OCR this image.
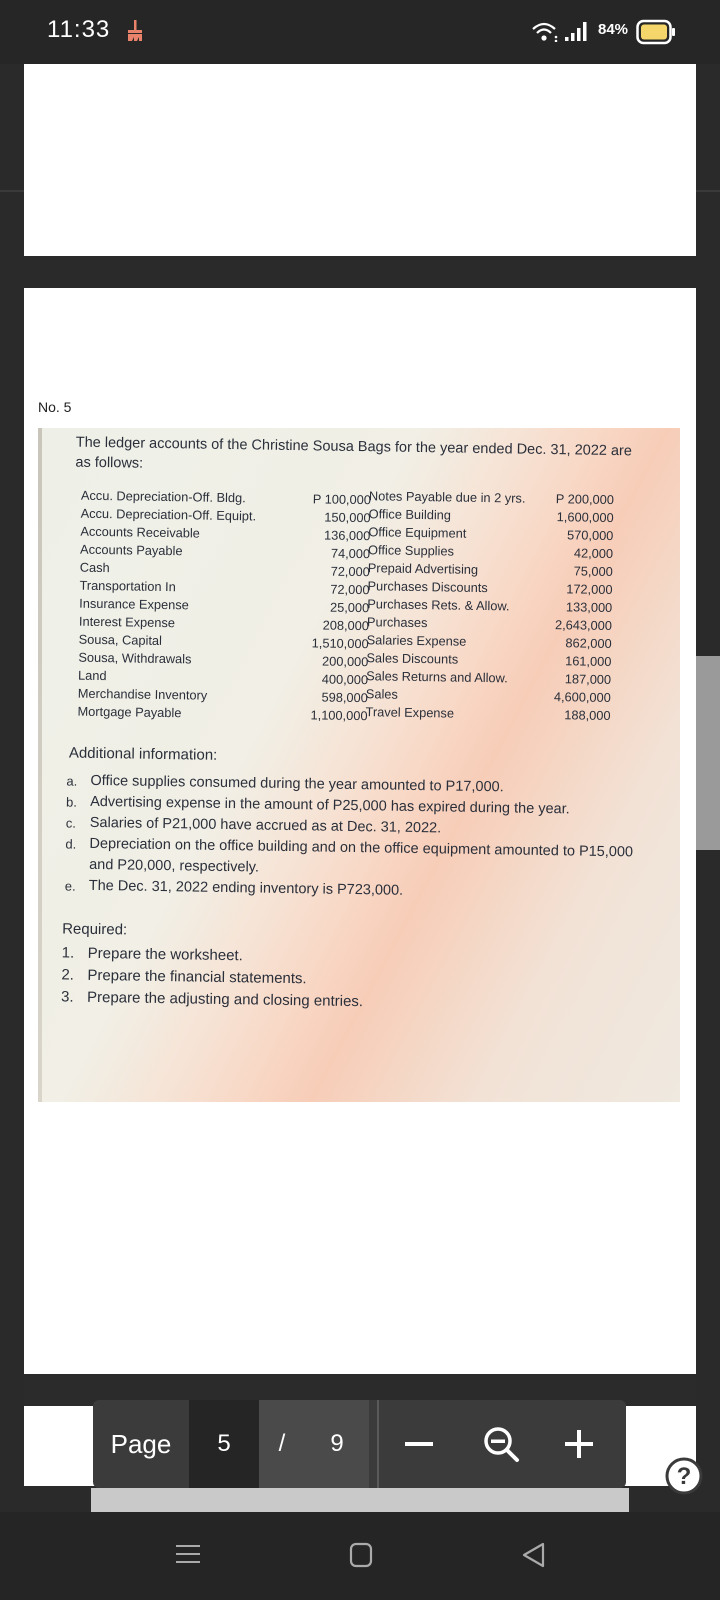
11:33	84%
No. 5
The ledger accounts of the Christine Sousa Bags for the year ended Dec. 31, 2022 are as follows:
Accu. Depreciation-Off. Bldg.	P 100,000
Accu. Depreciation-Off. Equipt.	150,000
Accounts Receivable	136,000
Accounts Payable	74,000
Cash	72,000
Transportation In	72,000
Insurance Expense	25,000
Interest Expense	208,000
Sousa, Capital	1,510,000
Sousa, Withdrawals	200,000
Land	400,000
Merchandise Inventory	598,000
Mortgage Payable	1,100,000
Notes Payable due in 2 yrs. P 200,000
Office Building	1,600,000
Office Equipment	570,000
Office Supplies	42,000
Prepaid Advertising	75,000
Purchases Discounts	172,000
Purchases Rets. & Allow.	133,000
Purchases	2,643,000
Salaries Expense	862,000
Sales Discounts	161,000
Sales Returns and Allow.	187,000
Sales	4,600,000
Travel Expense	188,000
Additional information:
a. Office supplies consumed during the year amounted to P17,000.
b. Advertising expense in the amount of P25,000 has expired during the year.
c. Salaries of P21,000 have accrued as at Dec. 31, 2022.
d. Depreciation on the office building and on the office equipment amounted to P15,000 and P20,000, respectively.
e. The Dec. 31, 2022 ending inventory is P723,000.
Required:
1. Prepare the worksheet.
2. Prepare the financial statements.
3. Prepare the adjusting and closing entries.
Page	5	/	9
?
